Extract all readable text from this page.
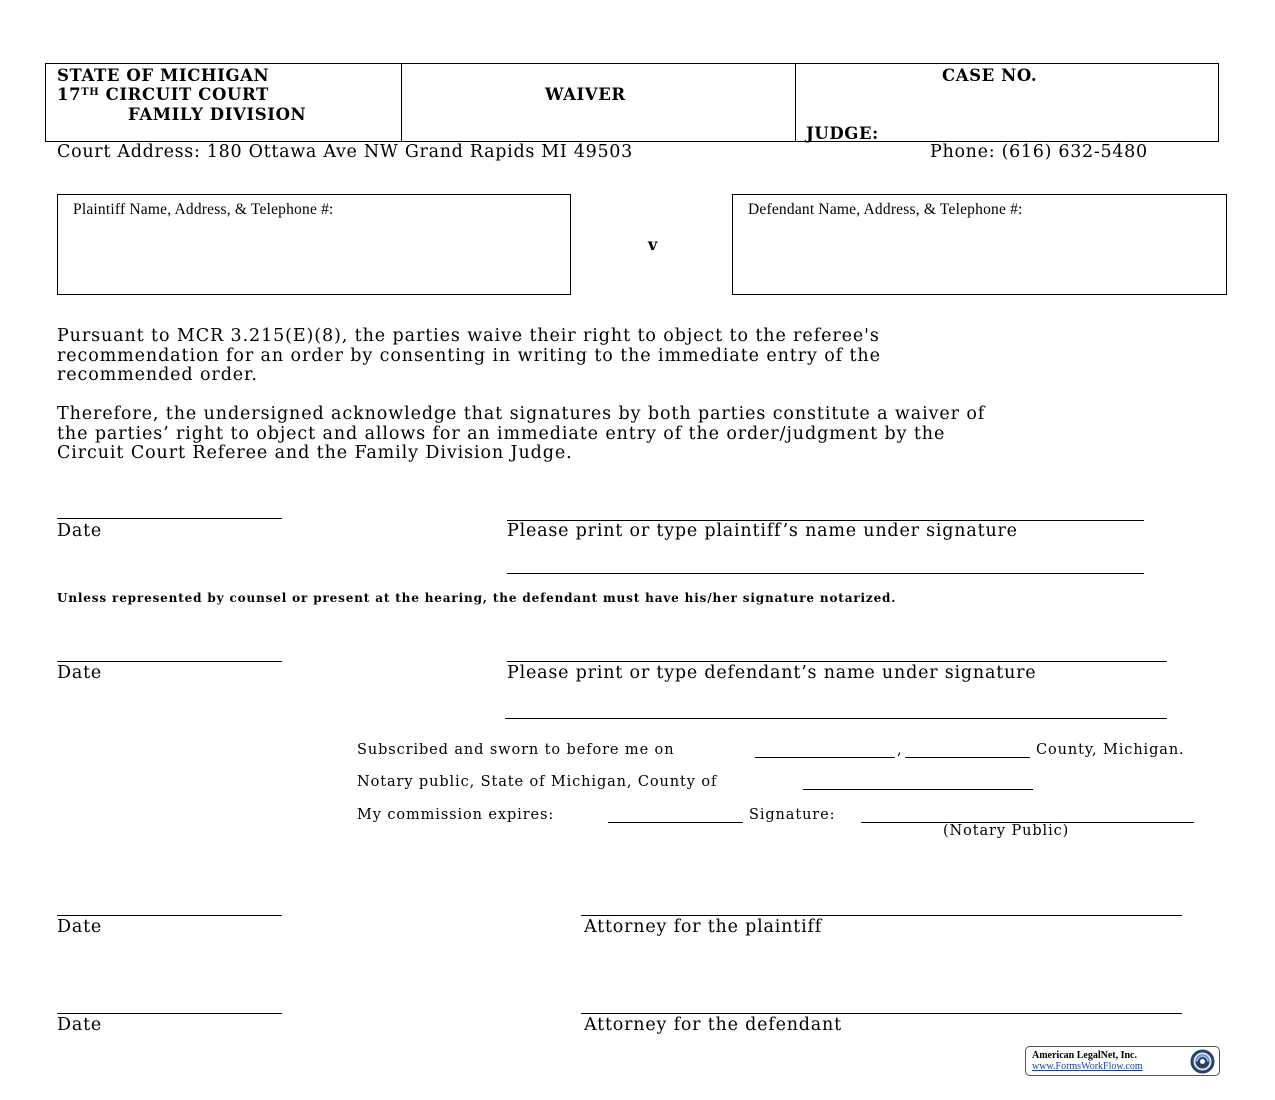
STATE OF MICHIGAN
17TH CIRCUIT COURT
FAMILY DIVISION
WAIVER
CASE NO.
JUDGE:
Court Address: 180 Ottawa Ave NW Grand Rapids MI 49503	Phone: (616) 632-5480
Plaintiff Name, Address, & Telephone #:
v
Defendant Name, Address, & Telephone #:
Pursuant to MCR 3.215(E)(8), the parties waive their right to object to the referee's
recommendation for an order by consenting in writing to the immediate entry of the
recommended order.
Therefore, the undersigned acknowledge that signatures by both parties constitute a waiver of
the parties’ right to object and allows for an immediate entry of the order/judgment by the
Circuit Court Referee and the Family Division Judge.
Date	Please print or type plaintiff’s name under signature
Unless represented by counsel or present at the hearing, the defendant must have his/her signature notarized.
Date	Please print or type defendant’s name under signature
Subscribed and sworn to before me on	,	County, Michigan.
Notary public, State of Michigan, County of
My commission expires:	Signature:
(Notary Public)
Date	Attorney for the plaintiff
Date	Attorney for the defendant
American LegalNet, Inc.
www.FormsWorkFlow.com
